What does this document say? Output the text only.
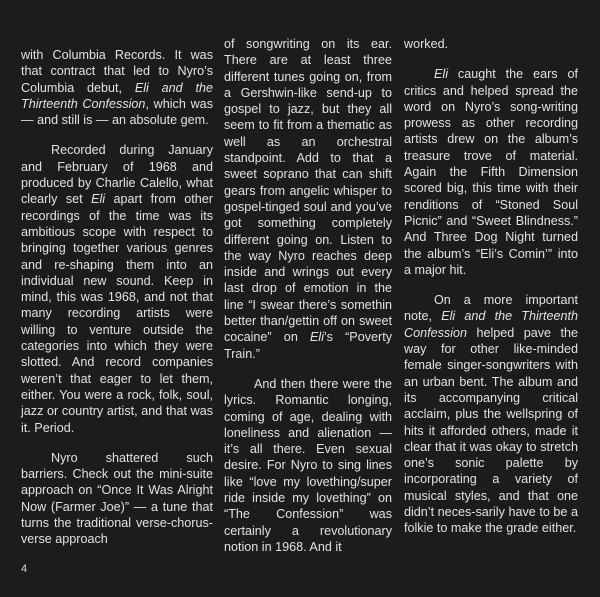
with Columbia Records. It was that contract that led to Nyro’s Columbia debut, Eli and the Thirteenth Confession, which was — and still is — an absolute gem.

Recorded during January and February of 1968 and produced by Charlie Calello, what clearly set Eli apart from other recordings of the time was its ambitious scope with respect to bringing together various genres and re-shaping them into an individual new sound. Keep in mind, this was 1968, and not that many recording artists were willing to venture outside the categories into which they were slotted. And record companies weren’t that eager to let them, either. You were a rock, folk, soul, jazz or country artist, and that was it. Period.

Nyro shattered such barriers. Check out the mini-suite approach on “Once It Was Alright Now (Farmer Joe)” — a tune that turns the traditional verse-chorus-verse approach

of songwriting on its ear. There are at least three different tunes going on, from a Gershwin-like send-up to gospel to jazz, but they all seem to fit from a thematic as well as an orchestral standpoint. Add to that a sweet soprano that can shift gears from angelic whisper to gospel-tinged soul and you’ve got something completely different going on. Listen to the way Nyro reaches deep inside and wrings out every last drop of emotion in the line “I swear there’s somethin better than/gettin off on sweet cocaine” on Eli’s “Poverty Train.”

And then there were the lyrics. Romantic longing, coming of age, dealing with loneliness and alienation — it’s all there. Even sexual desire. For Nyro to sing lines like “love my lovething/super ride inside my lovething” on “The Confession” was certainly a revolutionary notion in 1968. And it

worked.

Eli caught the ears of critics and helped spread the word on Nyro’s song-writing prowess as other recording artists drew on the album’s treasure trove of material. Again the Fifth Dimension scored big, this time with their renditions of “Stoned Soul Picnic” and “Sweet Blindness.” And Three Dog Night turned the album’s “Eli’s Comin’” into a major hit.

On a more important note, Eli and the Thirteenth Confession helped pave the way for other like-minded female singer-songwriters with an urban bent. The album and its accompanying critical acclaim, plus the wellspring of hits it afforded others, made it clear that it was okay to stretch one’s sonic palette by incorporating a variety of musical styles, and that one didn’t neces-sarily have to be a folkie to make the grade either.

4
